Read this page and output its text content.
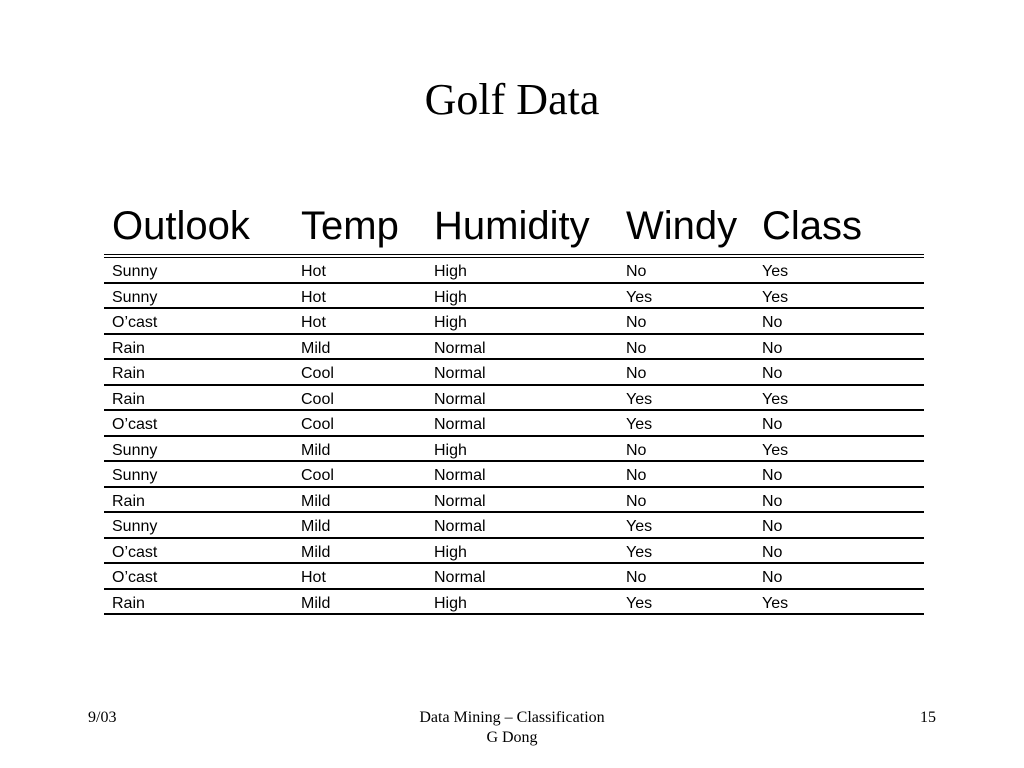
Golf Data
Outlook Temp Humidity Windy Class
Sunny	Hot	High	No	Yes
Sunny	Hot	High	Yes	Yes
O’cast	Hot	High	No	No
Rain	Mild	Normal	No	No
Rain	Cool	Normal	No	No
Rain	Cool	Normal	Yes	Yes
O’cast	Cool	Normal	Yes	No
Sunny	Mild	High	No	Yes
Sunny	Cool	Normal	No	No
Rain	Mild	Normal	No	No
Sunny	Mild	Normal	Yes	No
O’cast	Mild	High	Yes	No
O’cast	Hot	Normal	No	No
Rain	Mild	High	Yes	Yes
9/03	Data Mining – Classification
G Dong
15
